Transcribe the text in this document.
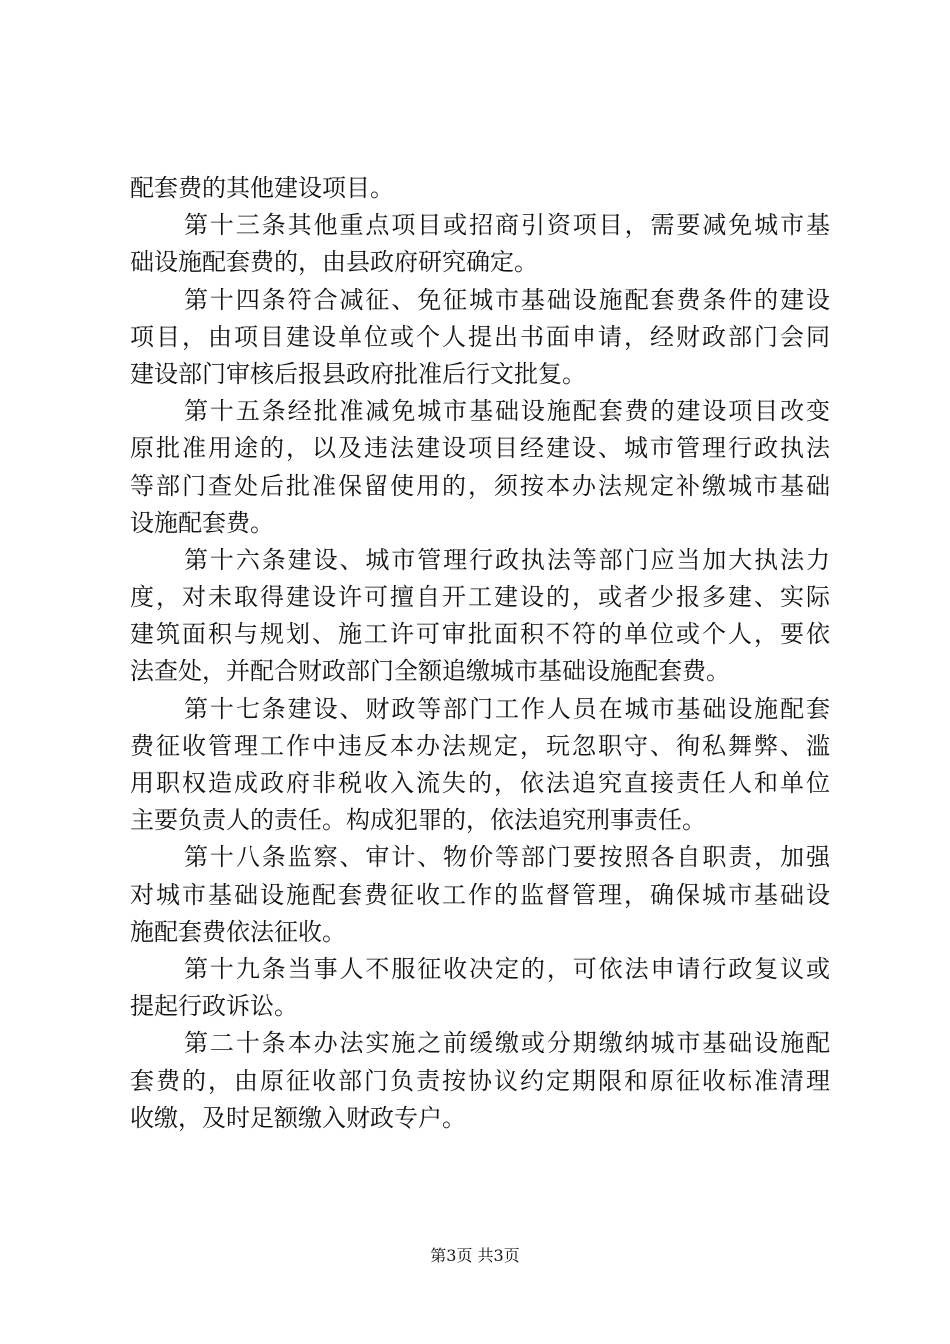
配套费的其他建设项目。
第十三条其他重点项目或招商引资项目，需要减免城市基
础设施配套费的，由县政府研究确定。
第十四条符合减征、免征城市基础设施配套费条件的建设
项目，由项目建设单位或个人提出书面申请，经财政部门会同
建设部门审核后报县政府批准后行文批复。
第十五条经批准减免城市基础设施配套费的建设项目改变
原批准用途的，以及违法建设项目经建设、城市管理行政执法
等部门查处后批准保留使用的，须按本办法规定补缴城市基础
设施配套费。
第十六条建设、城市管理行政执法等部门应当加大执法力
度，对未取得建设许可擅自开工建设的，或者少报多建、实际
建筑面积与规划、施工许可审批面积不符的单位或个人，要依
法查处，并配合财政部门全额追缴城市基础设施配套费。
第十七条建设、财政等部门工作人员在城市基础设施配套
费征收管理工作中违反本办法规定，玩忽职守、徇私舞弊、滥
用职权造成政府非税收入流失的，依法追究直接责任人和单位
主要负责人的责任。构成犯罪的，依法追究刑事责任。
第十八条监察、审计、物价等部门要按照各自职责，加强
对城市基础设施配套费征收工作的监督管理，确保城市基础设
施配套费依法征收。
第十九条当事人不服征收决定的，可依法申请行政复议或
提起行政诉讼。
第二十条本办法实施之前缓缴或分期缴纳城市基础设施配
套费的，由原征收部门负责按协议约定期限和原征收标准清理
收缴，及时足额缴入财政专户。
第3页 共3页
